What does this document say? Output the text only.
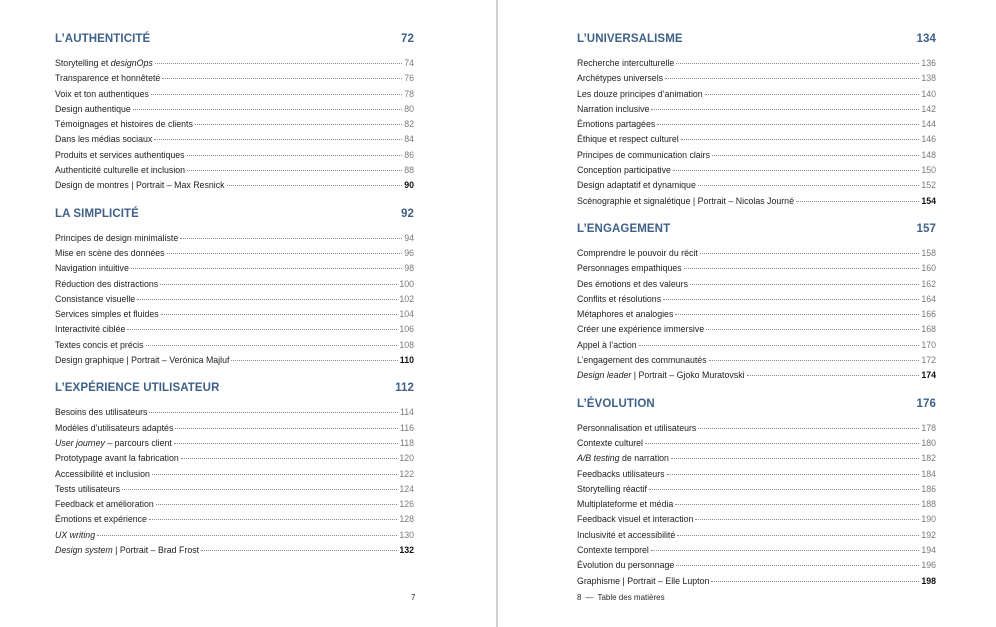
L’AUTHENTICITÉ	72
Storytelling et designOps	74
Transparence et honnêteté	76
Voix et ton authentiques	78
Design authentique	80
Témoignages et histoires de clients	82
Dans les médias sociaux	84
Produits et services authentiques	86
Authenticité culturelle et inclusion	88
Design de montres | Portrait – Max Resnick	90
LA SIMPLICITÉ	92
Principes de design minimaliste	94
Mise en scène des données	96
Navigation intuitive	98
Réduction des distractions	100
Consistance visuelle	102
Services simples et fluides	104
Interactivité ciblée	106
Textes concis et précis	108
Design graphique | Portrait – Verónica Majluf	110
L’EXPÉRIENCE UTILISATEUR	112
Besoins des utilisateurs	114
Modèles d’utilisateurs adaptés	116
User journey – parcours client	118
Prototypage avant la fabrication	120
Accessibilité et inclusion	122
Tests utilisateurs	124
Feedback et amélioration	126
Émotions et expérience	128
UX writing	130
Design system | Portrait – Brad Frost	132
7
L’UNIVERSALISME	134
Recherche interculturelle	136
Archétypes universels	138
Les douze principes d’animation	140
Narration inclusive	142
Émotions partagées	144
Éthique et respect culturel	146
Principes de communication clairs	148
Conception participative	150
Design adaptatif et dynamique	152
Scénographie et signalétique | Portrait – Nicolas Journé	154
L’ENGAGEMENT	157
Comprendre le pouvoir du récit	158
Personnages empathiques	160
Des émotions et des valeurs	162
Conflits et résolutions	164
Métaphores et analogies	166
Créer une expérience immersive	168
Appel à l’action	170
L’engagement des communautés	172
Design leader | Portrait – Gjoko Muratovski	174
L’ÉVOLUTION	176
Personnalisation et utilisateurs	178
Contexte culturel	180
A/B testing de narration	182
Feedbacks utilisateurs	184
Storytelling réactif	186
Multiplateforme et média	188
Feedback visuel et interaction	190
Inclusivité et accessibilité	192
Contexte temporel	194
Évolution du personnage	196
Graphisme | Portrait – Elle Lupton	198
8 — Table des matières
